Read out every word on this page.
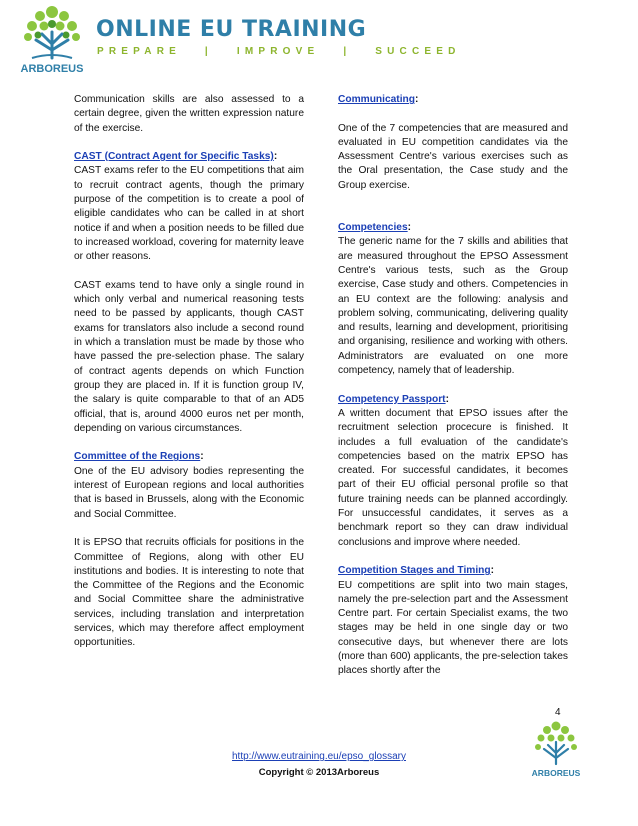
ARBOREUS
ONLINE EU TRAINING
PREPARE   |   IMPROVE   |   SUCCEED

Communication skills are also assessed to a certain degree, given the written expression nature of the exercise.

CAST (Contract Agent for Specific Tasks):
CAST exams refer to the EU competitions that aim to recruit contract agents, though the primary purpose of the competition is to create a pool of eligible candidates who can be called in at short notice if and when a position needs to be filled due to increased workload, covering for maternity leave or other reasons.

CAST exams tend to have only a single round in which only verbal and numerical reasoning tests need to be passed by applicants, though CAST exams for translators also include a second round in which a translation must be made by those who have passed the pre-selection phase. The salary of contract agents depends on which Function group they are placed in. If it is function group IV, the salary is quite comparable to that of an AD5 official, that is, around 4000 euros net per month, depending on various circumstances.

Committee of the Regions:
One of the EU advisory bodies representing the interest of European regions and local authorities that is based in Brussels, along with the Economic and Social Committee.

It is EPSO that recruits officials for positions in the Committee of Regions, along with other EU institutions and bodies. It is interesting to note that the Committee of the Regions and the Economic and Social Committee share the administrative services, including translation and interpretation services, which may therefore affect employment opportunities.

Communicating:

One of the 7 competencies that are measured and evaluated in EU competition candidates via the Assessment Centre's various exercises such as the Oral presentation, the Case study and the Group exercise.

Competencies:
The generic name for the 7 skills and abilities that are measured throughout the EPSO Assessment Centre's various tests, such as the Group exercise, Case study and others. Competencies in an EU context are the following: analysis and problem solving, communicating, delivering quality and results, learning and development, prioritising and organising, resilience and working with others. Administrators are evaluated on one more competency, namely that of leadership.

Competency Passport:
A written document that EPSO issues after the recruitment selection procecure is finished. It includes a full evaluation of the candidate's competencies based on the matrix EPSO has created. For successful candidates, it becomes part of their EU official personal profile so that future training needs can be planned accordingly. For unsuccessful candidates, it serves as a benchmark report so they can draw individual conclusions and improve where needed.

Competition Stages and Timing:
EU competitions are split into two main stages, namely the pre-selection part and the Assessment Centre part. For certain Specialist exams, the two stages may be held in one single day or two consecutive days, but whenever there are lots (more than 600) applicants, the pre-selection takes places shortly after the

4
ARBOREUS
http://www.eutraining.eu/epso_glossary
Copyright © 2013Arboreus
